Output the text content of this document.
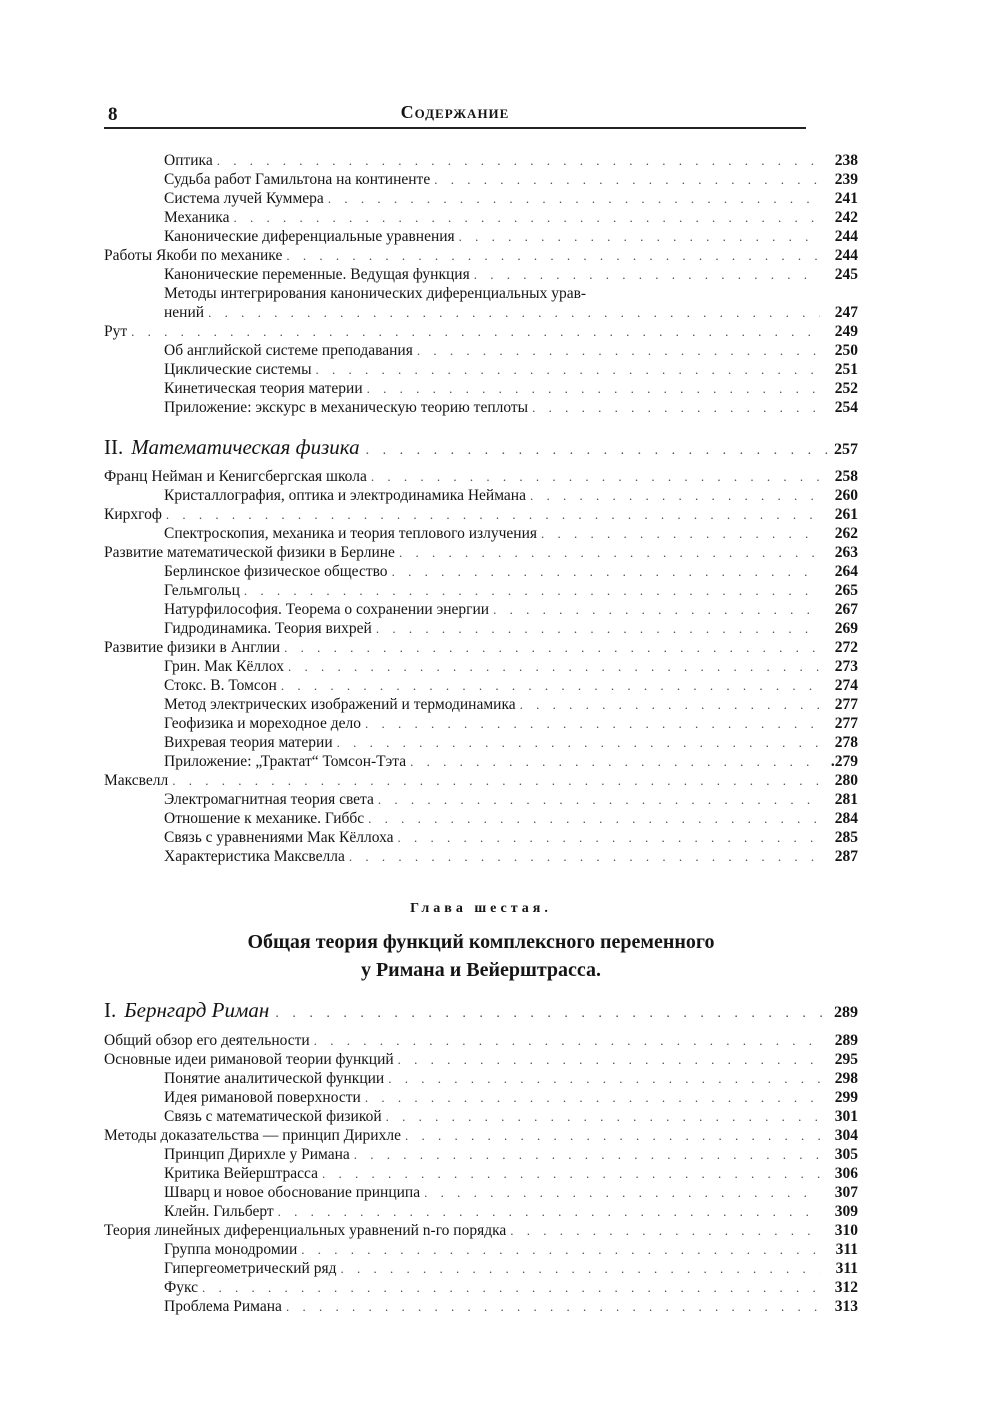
8	Содержание
Оптика . . .	238
Судьба работ Гамильтона на континенте . . .	239
Система лучей Куммера . . .	241
Механика . . .	242
Канонические диференциальные уравнения . . .	244
Работы Якоби по механике . . .	244
Канонические переменные. Ведущая функция . . .	245
Методы интегрирования канонических диференциальных урав-
нений . . .	247
Рут . . .	249
Об английской системе преподавания . . .	250
Циклические системы . . .	251
Кинетическая теория материи . . .	252
Приложение: экскурс в механическую теорию теплоты . . .	254
II. Математическая физика . . .	257
Франц Нейман и Кенигсбергская школа . . .	258
Кристаллография, оптика и электродинамика Неймана . . .	260
Кирхгоф . . .	261
Спектроскопия, механика и теория теплового излучения . . .	262
Развитие математической физики в Берлине . . .	263
Берлинское физическое общество . . .	264
Гельмгольц . . .	265
Натурфилософия. Теорема о сохранении энергии . . .	267
Гидродинамика. Теория вихрей . . .	269
Развитие физики в Англии . . .	272
Грин. Мак Кёллох . . .	273
Стокс. В. Томсон . . .	274
Метод электрических изображений и термодинамика . . .	277
Геофизика и мореходное дело . . .	277
Вихревая теория материи . . .	278
Приложение: „Трактат“ Томсон-Тэта . . .	.279
Максвелл . . .	280
Электромагнитная теория света . . .	281
Отношение к механике. Гиббс . . .	284
Связь с уравнениями Мак Кёллоха . . .	285
Характеристика Максвелла . . .	287
Глава шестая.
Общая теория функций комплексного переменного
у Римана и Вейерштрасса.
I. Бернгард Риман . . .	289
Общий обзор его деятельности . . .	289
Основные идеи римановой теории функций . . .	295
Понятие аналитической функции . . .	298
Идея римановой поверхности . . .	299
Связь с математической физикой . . .	301
Методы доказательства — принцип Дирихле . . .	304
Принцип Дирихле у Римана . . .	305
Критика Вейерштрасса . . .	306
Шварц и новое обоснование принципа . . .	307
Клейн. Гильберт . . .	309
Теория линейных диференциальных уравнений n-го порядка . . .	310
Группа монодромии . . .	311
Гипергеометрический ряд . . .	311
Фукс . . .	312
Проблема Римана . . .	313
